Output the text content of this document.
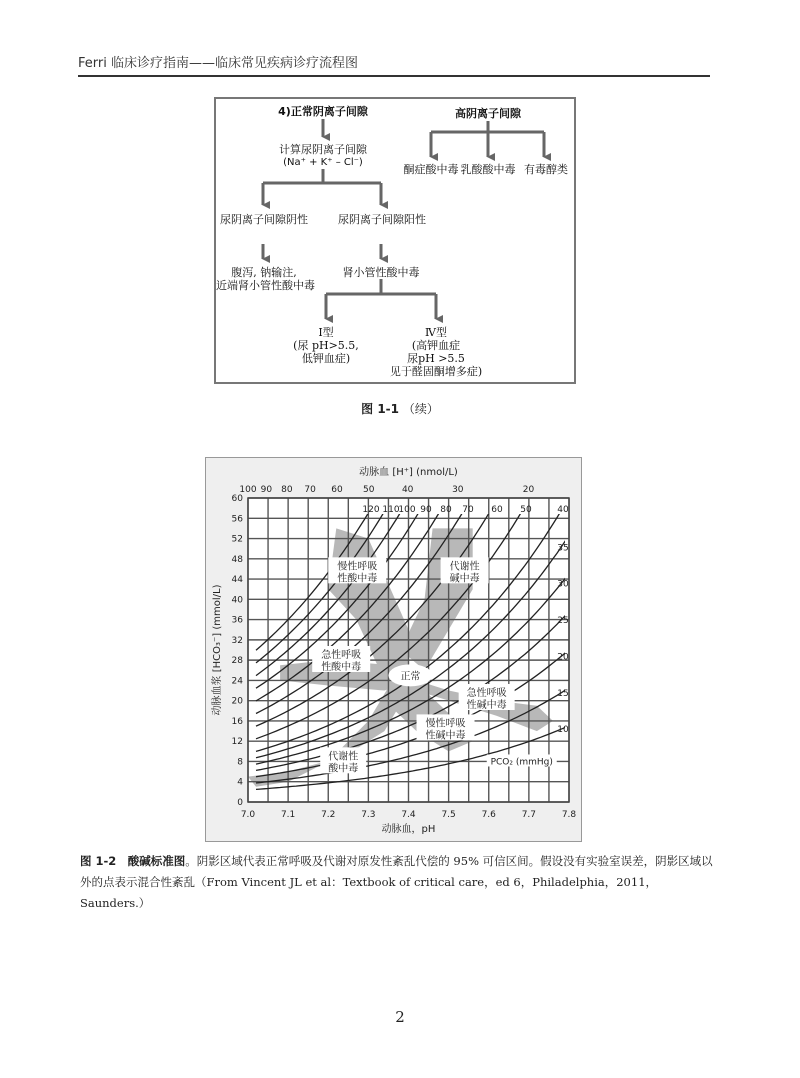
Ferri 临床诊疗指南——临床常见疾病诊疗流程图
4)正常阴离子间隙
计算尿阴离子间隙
(Na⁺ + K⁺ – Cl⁻)
尿阴离子间隙阴性	尿阴离子间隙阳性
腹泻, 钠输注,
近端肾小管性酸中毒
肾小管性酸中毒
Ⅰ型
(尿 pH>5.5,
低钾血症)
Ⅳ型
(高钾血症
尿pH >5.5
见于醛固酮增多症)
高阴离子间隙
酮症酸中毒 乳酸酸中毒 有毒醇类
图 1-1 （续）
120 110
100 90 80 70 60 50	40
35
30
25
20
15
10
7.0	7.1	7.2	7.3	7.4	7.5	7.6	7.7	7.8
0
4
8
12
16
20
24
28
32
36
40
44
48
52
56
60
100 90 80 70 60 50	40	30	20
动脉血 [H⁺] (nmol/L)
动脉血，pH
动脉血浆 [HCO₃⁻] (mmol/L)
PCO₂ (mmHg)
慢性呼吸
性酸中毒
代谢性
碱中毒
急性呼吸
性酸中毒
正常
急性呼吸
性碱中毒
慢性呼吸
性碱中毒
代谢性
酸中毒
图 1-2　酸碱标准图。阴影区域代表正常呼吸及代谢对原发性紊乱代偿的 95% 可信区间。假设没有实验室误差，阴影区域以外的点表示混合性紊乱（From Vincent JL et al：Textbook of critical care，ed 6，Philadelphia，2011，Saunders.）
2
